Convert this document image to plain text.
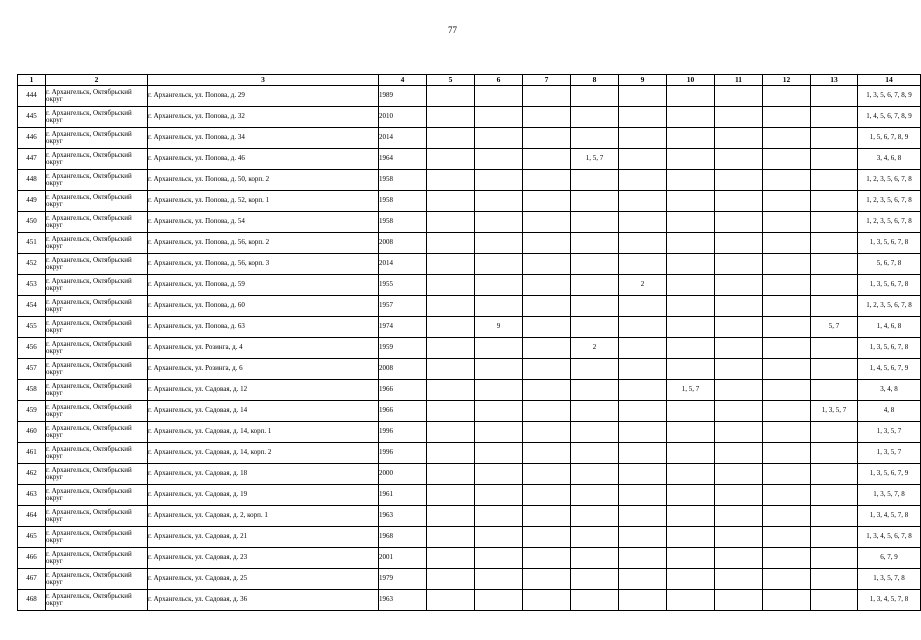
77
1	2	3	4	5	6	7	8	9	10	11	12	13	14
444	г. Архангельск, Октябрьский округ	г. Архангельск, ул. Попова, д. 29	1989										1, 3, 5, 6, 7, 8, 9
445	г. Архангельск, Октябрьский округ	г. Архангельск, ул. Попова, д. 32	2010										1, 4, 5, 6, 7, 8, 9
446	г. Архангельск, Октябрьский округ	г. Архангельск, ул. Попова, д. 34	2014										1, 5, 6, 7, 8, 9
447	г. Архангельск, Октябрьский округ	г. Архангельск, ул. Попова, д. 46	1964				1, 5, 7						3, 4, 6, 8
448	г. Архангельск, Октябрьский округ	г. Архангельск, ул. Попова, д. 50, корп. 2	1958										1, 2, 3, 5, 6, 7, 8
449	г. Архангельск, Октябрьский округ	г. Архангельск, ул. Попова, д. 52, корп. 1	1958										1, 2, 3, 5, 6, 7, 8
450	г. Архангельск, Октябрьский округ	г. Архангельск, ул. Попова, д. 54	1958										1, 2, 3, 5, 6, 7, 8
451	г. Архангельск, Октябрьский округ	г. Архангельск, ул. Попова, д. 56, корп. 2	2008										1, 3, 5, 6, 7, 8
452	г. Архангельск, Октябрьский округ	г. Архангельск, ул. Попова, д. 56, корп. 3	2014										5, 6, 7, 8
453	г. Архангельск, Октябрьский округ	г. Архангельск, ул. Попова, д. 59	1955					2					1, 3, 5, 6, 7, 8
454	г. Архангельск, Октябрьский округ	г. Архангельск, ул. Попова, д. 60	1957										1, 2, 3, 5, 6, 7, 8
455	г. Архангельск, Октябрьский округ	г. Архангельск, ул. Попова, д. 63	1974		9							5, 7	1, 4, 6, 8
456	г. Архангельск, Октябрьский округ	г. Архангельск, ул. Розинга, д. 4	1959				2						1, 3, 5, 6, 7, 8
457	г. Архангельск, Октябрьский округ	г. Архангельск, ул. Розинга, д. 6	2008										1, 4, 5, 6, 7, 9
458	г. Архангельск, Октябрьский округ	г. Архангельск, ул. Садовая, д. 12	1966						1, 5, 7				3, 4, 8
459	г. Архангельск, Октябрьский округ	г. Архангельск, ул. Садовая, д. 14	1966									1, 3, 5, 7	4, 8
460	г. Архангельск, Октябрьский округ	г. Архангельск, ул. Садовая, д. 14, корп. 1	1996										1, 3, 5, 7
461	г. Архангельск, Октябрьский округ	г. Архангельск, ул. Садовая, д. 14, корп. 2	1996										1, 3, 5, 7
462	г. Архангельск, Октябрьский округ	г. Архангельск, ул. Садовая, д. 18	2000										1, 3, 5, 6, 7, 9
463	г. Архангельск, Октябрьский округ	г. Архангельск, ул. Садовая, д. 19	1961										1, 3, 5, 7, 8
464	г. Архангельск, Октябрьский округ	г. Архангельск, ул. Садовая, д. 2, корп. 1	1963										1, 3, 4, 5, 7, 8
465	г. Архангельск, Октябрьский округ	г. Архангельск, ул. Садовая, д. 21	1968										1, 3, 4, 5, 6, 7, 8
466	г. Архангельск, Октябрьский округ	г. Архангельск, ул. Садовая, д. 23	2001										6, 7, 9
467	г. Архангельск, Октябрьский округ	г. Архангельск, ул. Садовая, д. 25	1979										1, 3, 5, 7, 8
468	г. Архангельск, Октябрьский округ	г. Архангельск, ул. Садовая, д. 36	1963										1, 3, 4, 5, 7, 8
